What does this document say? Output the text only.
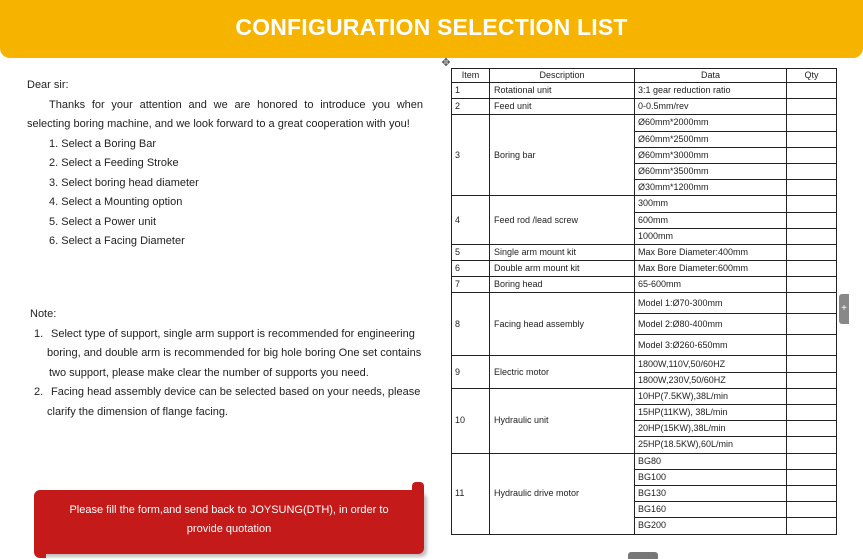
CONFIGURATION SELECTION LIST
✥

Dear sir:

Thanks for your attention and we are honored to introduce you when selecting boring machine, and we look forward to a great cooperation with you!

1. Select a Boring Bar
2. Select a Feeding Stroke
3. Select boring head diameter
4. Select a Mounting option
5. Select a Power unit
6. Select a Facing Diameter

Note:

1. Select type of support, single arm support is recommended for engineering
boring, and double arm is recommended for big hole boring One set contains
two support, please make clear the number of supports you need.
2. Facing head assembly device can be selected based on your needs, please
clarify the dimension of flange facing.
Please fill the form,and send back to JOYSUNG(DTH), in order to provide quotation
Item	Description	Data	Qty
1	Rotational unit	3:1 gear reduction ratio	
2	Feed unit	0-0.5mm/rev	
3	Boring bar	Ø60mm*2000mm	
		Ø60mm*2500mm	
		Ø60mm*3000mm	
		Ø60mm*3500mm	
		Ø30mm*1200mm	
4	Feed rod /lead screw	300mm	
		600mm	
		1000mm	
5	Single arm mount kit	Max Bore Diameter:400mm	
6	Double arm mount kit	Max Bore Diameter:600mm	
7	Boring head	65-600mm	
8	Facing head assembly	Model 1:Ø70-300mm	
		Model 2:Ø80-400mm	
		Model 3:Ø260-650mm	
9	Electric motor	1800W,110V,50/60HZ	
		1800W,230V,50/60HZ	
10	Hydraulic unit	10HP(7.5KW),38L/min	
		15HP(11KW), 38L/min	
		20HP(15KW),38L/min	
		25HP(18.5KW),60L/min	
11	Hydraulic drive motor	BG80	
		BG100	
		BG130	
		BG160	
		BG200	
+
